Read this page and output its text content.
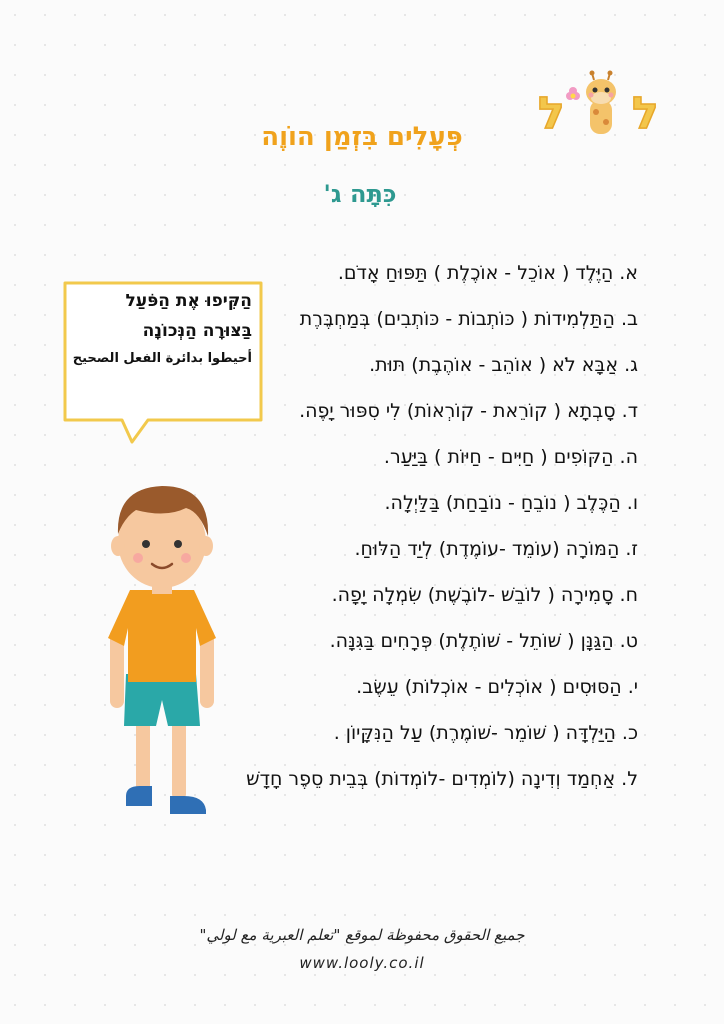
ל ל
פְּעָלִים בִּזְמַן הוֹוֶה
כִּתָּה ג'
הַקִּיפוּ אֶת הַפֹּעַל
בַּצּוּרָה הַנְּכוֹנָה
أحيطوا بدائرة الفعل الصحيح
א.הַיֶּלֶד ( אוֹכֵל - אוֹכֶלֶת ) תַּפּוּחַ אָדֹם.
ב.הַתַּלְמִידוֹת ( כּוֹתְבוֹת - כּוֹתְבִים) בְּמַחְבֶּרֶת
ג.אַבָּא לֹא ( אוֹהֵב - אוֹהֶבֶת) תּוּת.
ד.סָבְתָא ( קוֹרֵאת - קוֹרְאוֹת) לִי סִפּוּר יָפֶה.
ה.הַקּוֹפִים ( חַיִּים - חַיּוֹת ) בַּיַּעַר.
ו.הַכֶּלֶב ( נוֹבֵחַ - נוֹבַחַת) בַּלַּיְלָה.
ז.הַמּוֹרָה (עוֹמֵד -עוֹמֶדֶת) לְיַד הַלּוּחַ.
ח.סָמִירָה ( לוֹבֵשׁ -לוֹבֶשֶׁת) שִׂמְלָה יָפָה.
ט.הַגַּנָּן ( שׁוֹתֵל - שׁוֹתֶלֶת) פְּרָחִים בַּגִּנָּה.
י.הַסּוּסִים ( אוֹכְלִים - אוֹכְלוֹת) עֵשֶׂב.
כ.הַיַּלְדָּה ( שׁוֹמֵר -שׁוֹמֶרֶת) עַל הַנִּקָּיוֹן .
ל.אַחְמַד וְדִינָה (לוֹמְדִים -לוֹמְדוֹת) בְּבֵית סֵפֶר חָדָשׁ
جميع الحقوق محفوظة لموقع "تعلم العبرية مع لولي"
www.looly.co.il
